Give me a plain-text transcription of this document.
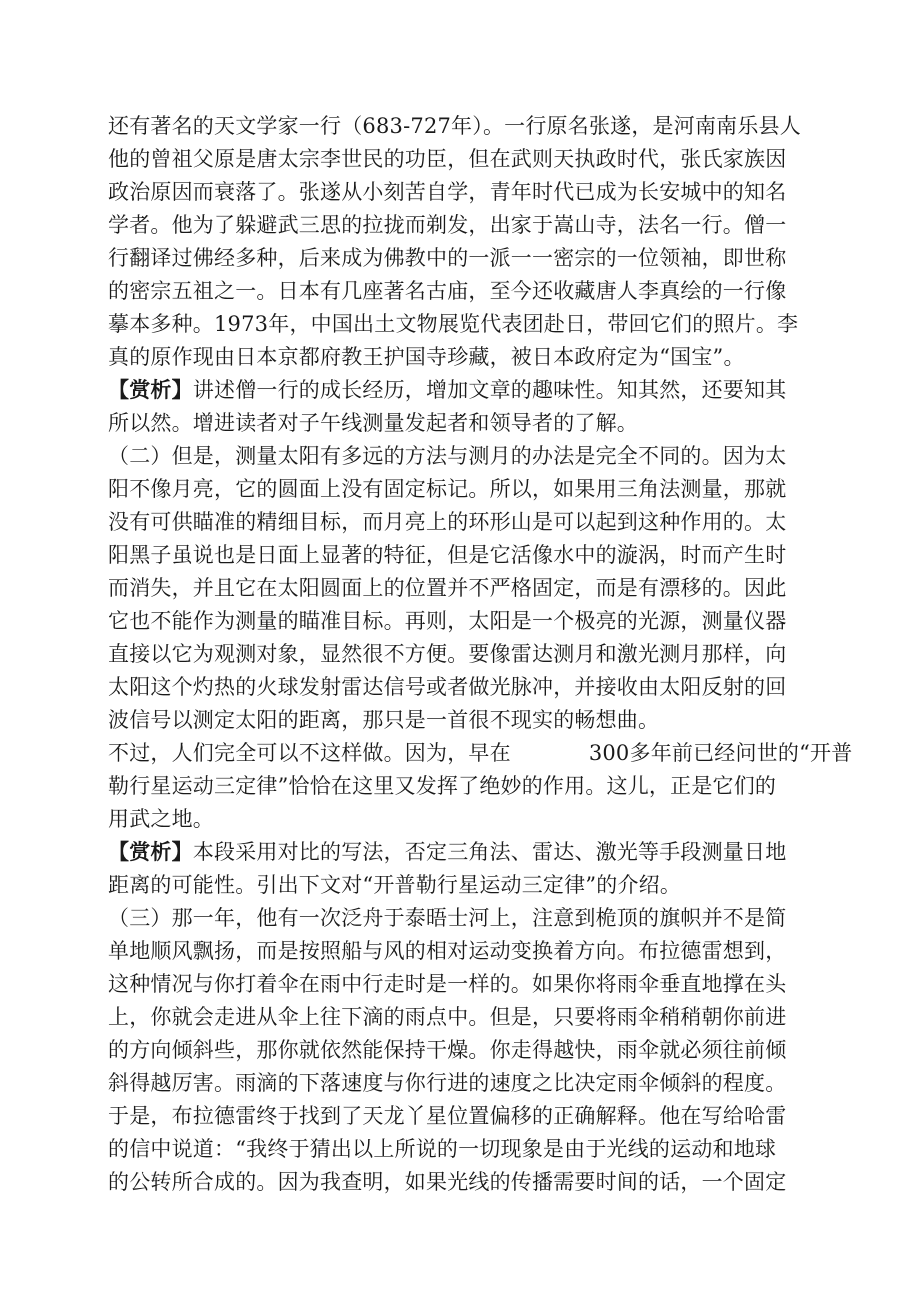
还有著名的天文学家一行（683-727年）。一行原名张遂，是河南南乐县人
他的曾祖父原是唐太宗李世民的功臣，但在武则天执政时代，张氏家族因
政治原因而衰落了。张遂从小刻苦自学，青年时代已成为长安城中的知名
学者。他为了躲避武三思的拉拢而剃发，出家于嵩山寺，法名一行。僧一
行翻译过佛经多种，后来成为佛教中的一派一一密宗的一位领袖，即世称
的密宗五祖之一。日本有几座著名古庙，至今还收藏唐人李真绘的一行像
摹本多种。1973年，中国出土文物展览代表团赴日，带回它们的照片。李
真的原作现由日本京都府教王护国寺珍藏，被日本政府定为“国宝”。
【赏析】讲述僧一行的成长经历，增加文章的趣味性。知其然，还要知其
所以然。增进读者对子午线测量发起者和领导者的了解。
（二）但是，测量太阳有多远的方法与测月的办法是完全不同的。因为太
阳不像月亮，它的圆面上没有固定标记。所以，如果用三角法测量，那就
没有可供瞄准的精细目标，而月亮上的环形山是可以起到这种作用的。太
阳黑子虽说也是日面上显著的特征，但是它活像水中的漩涡，时而产生时
而消失，并且它在太阳圆面上的位置并不严格固定，而是有漂移的。因此
它也不能作为测量的瞄准目标。再则，太阳是一个极亮的光源，测量仪器
直接以它为观测对象，显然很不方便。要像雷达测月和激光测月那样，向
太阳这个灼热的火球发射雷达信号或者做光脉冲，并接收由太阳反射的回
波信号以测定太阳的距离，那只是一首很不现实的畅想曲。
不过，人们完全可以不这样做。因为，早在	300多年前已经问世的“开普
勒行星运动三定律”恰恰在这里又发挥了绝妙的作用。这儿，正是它们的
用武之地。
【赏析】本段采用对比的写法，否定三角法、雷达、激光等手段测量日地
距离的可能性。引出下文对“开普勒行星运动三定律”的介绍。
（三）那一年，他有一次泛舟于泰晤士河上，注意到桅顶的旗帜并不是简
单地顺风飘扬，而是按照船与风的相对运动变换着方向。布拉德雷想到，
这种情况与你打着伞在雨中行走时是一样的。如果你将雨伞垂直地撑在头
上，你就会走进从伞上往下滴的雨点中。但是，只要将雨伞稍稍朝你前进
的方向倾斜些，那你就依然能保持干燥。你走得越快，雨伞就必须往前倾
斜得越厉害。雨滴的下落速度与你行进的速度之比决定雨伞倾斜的程度。
于是，布拉德雷终于找到了天龙丫星位置偏移的正确解释。他在写给哈雷
的信中说道：“我终于猜出以上所说的一切现象是由于光线的运动和地球
的公转所合成的。因为我查明，如果光线的传播需要时间的话，一个固定
